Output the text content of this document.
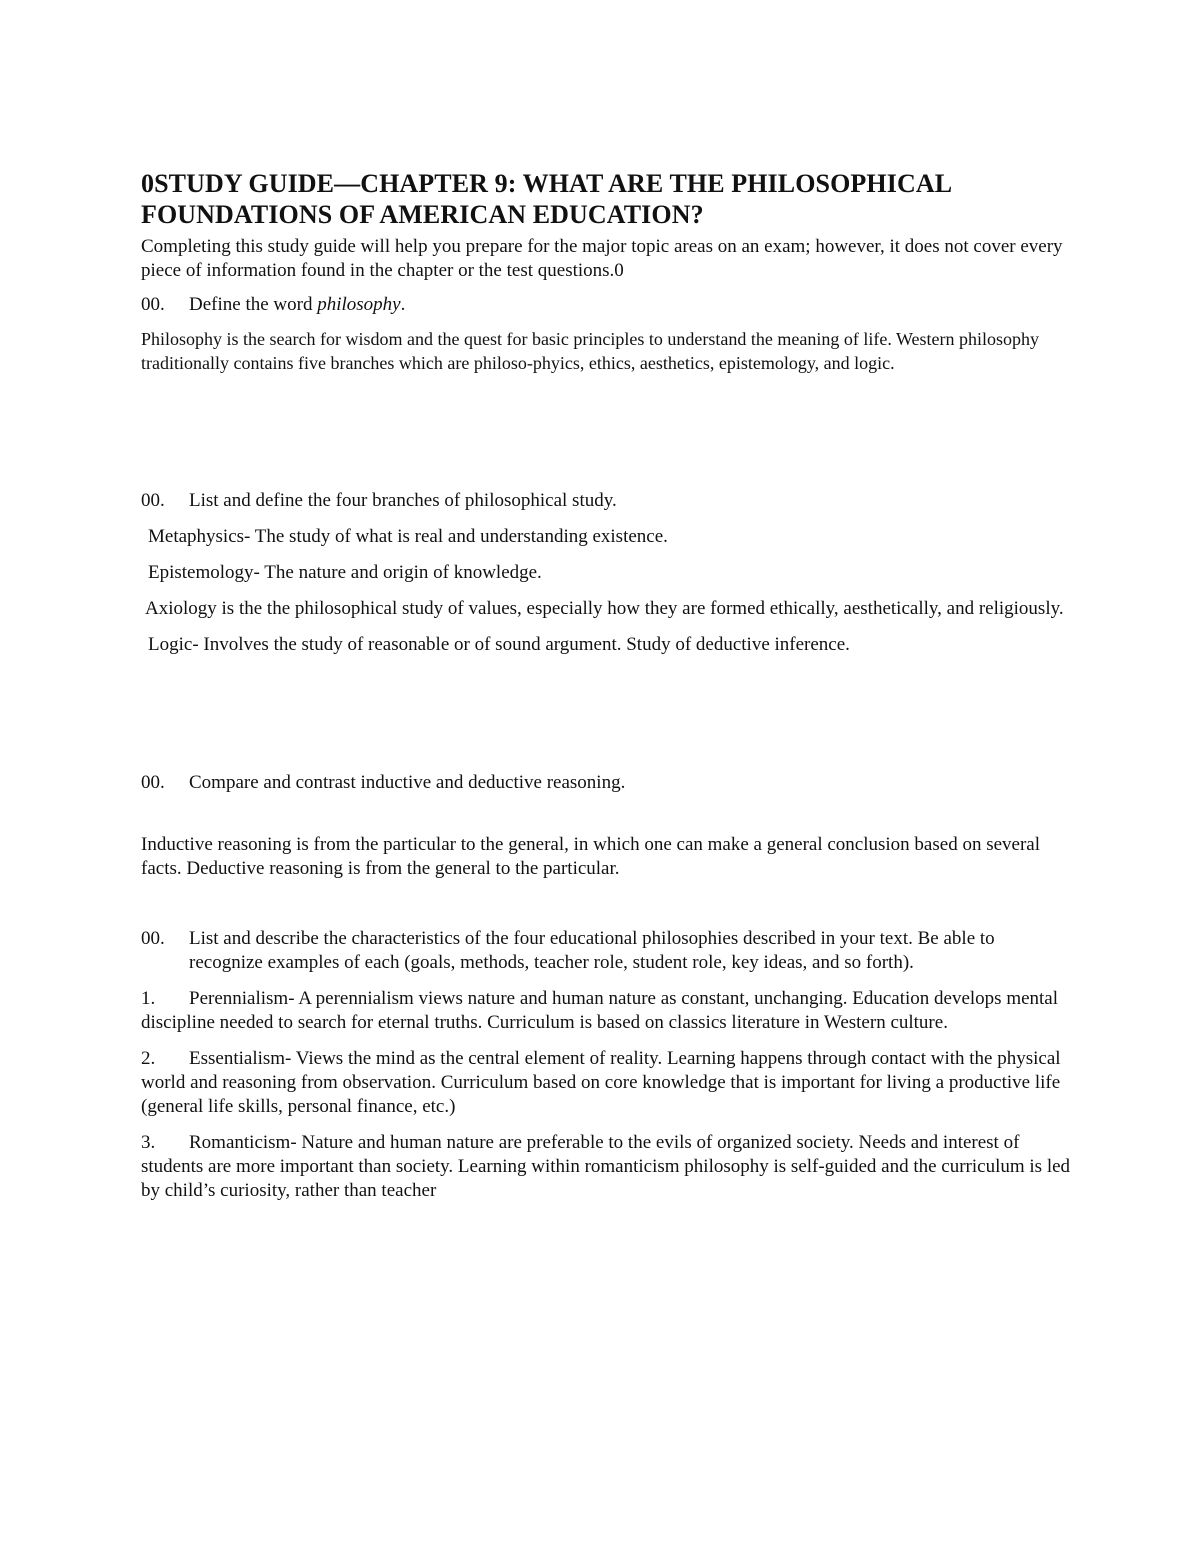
0STUDY GUIDE—CHAPTER 9: WHAT ARE THE PHILOSOPHICAL FOUNDATIONS OF AMERICAN EDUCATION?

Completing this study guide will help you prepare for the major topic areas on an exam; however, it does not cover every piece of information found in the chapter or the test questions.0

00.	Define the word philosophy.

Philosophy is the search for wisdom and the quest for basic principles to understand the meaning of life. Western philosophy traditionally contains five branches which are philoso-phyics, ethics, aesthetics, epistemology, and logic.

00.	List and define the four branches of philosophical study.

Metaphysics- The study of what is real and understanding existence.

Epistemology- The nature and origin of knowledge.

Axiology is the the philosophical study of values, especially how they are formed ethically, aesthetically, and religiously.

Logic- Involves the study of reasonable or of sound argument. Study of deductive inference.

00.	Compare and contrast inductive and deductive reasoning.

Inductive reasoning is from the particular to the general, in which one can make a general conclusion based on several facts. Deductive reasoning is from the general to the particular.

00.	List and describe the characteristics of the four educational philosophies described in your text. Be able to recognize examples of each (goals, methods, teacher role, student role, key ideas, and so forth).

1. Perennialism- A perennialism views nature and human nature as constant, unchanging. Education develops mental discipline needed to search for eternal truths. Curriculum is based on classics literature in Western culture.

2. Essentialism- Views the mind as the central element of reality. Learning happens through contact with the physical world and reasoning from observation. Curriculum based on core knowledge that is important for living a productive life (general life skills, personal finance, etc.)

3. Romanticism- Nature and human nature are preferable to the evils of organized society. Needs and interest of students are more important than society. Learning within romanticism philosophy is self-guided and the curriculum is led by child’s curiosity, rather than teacher
